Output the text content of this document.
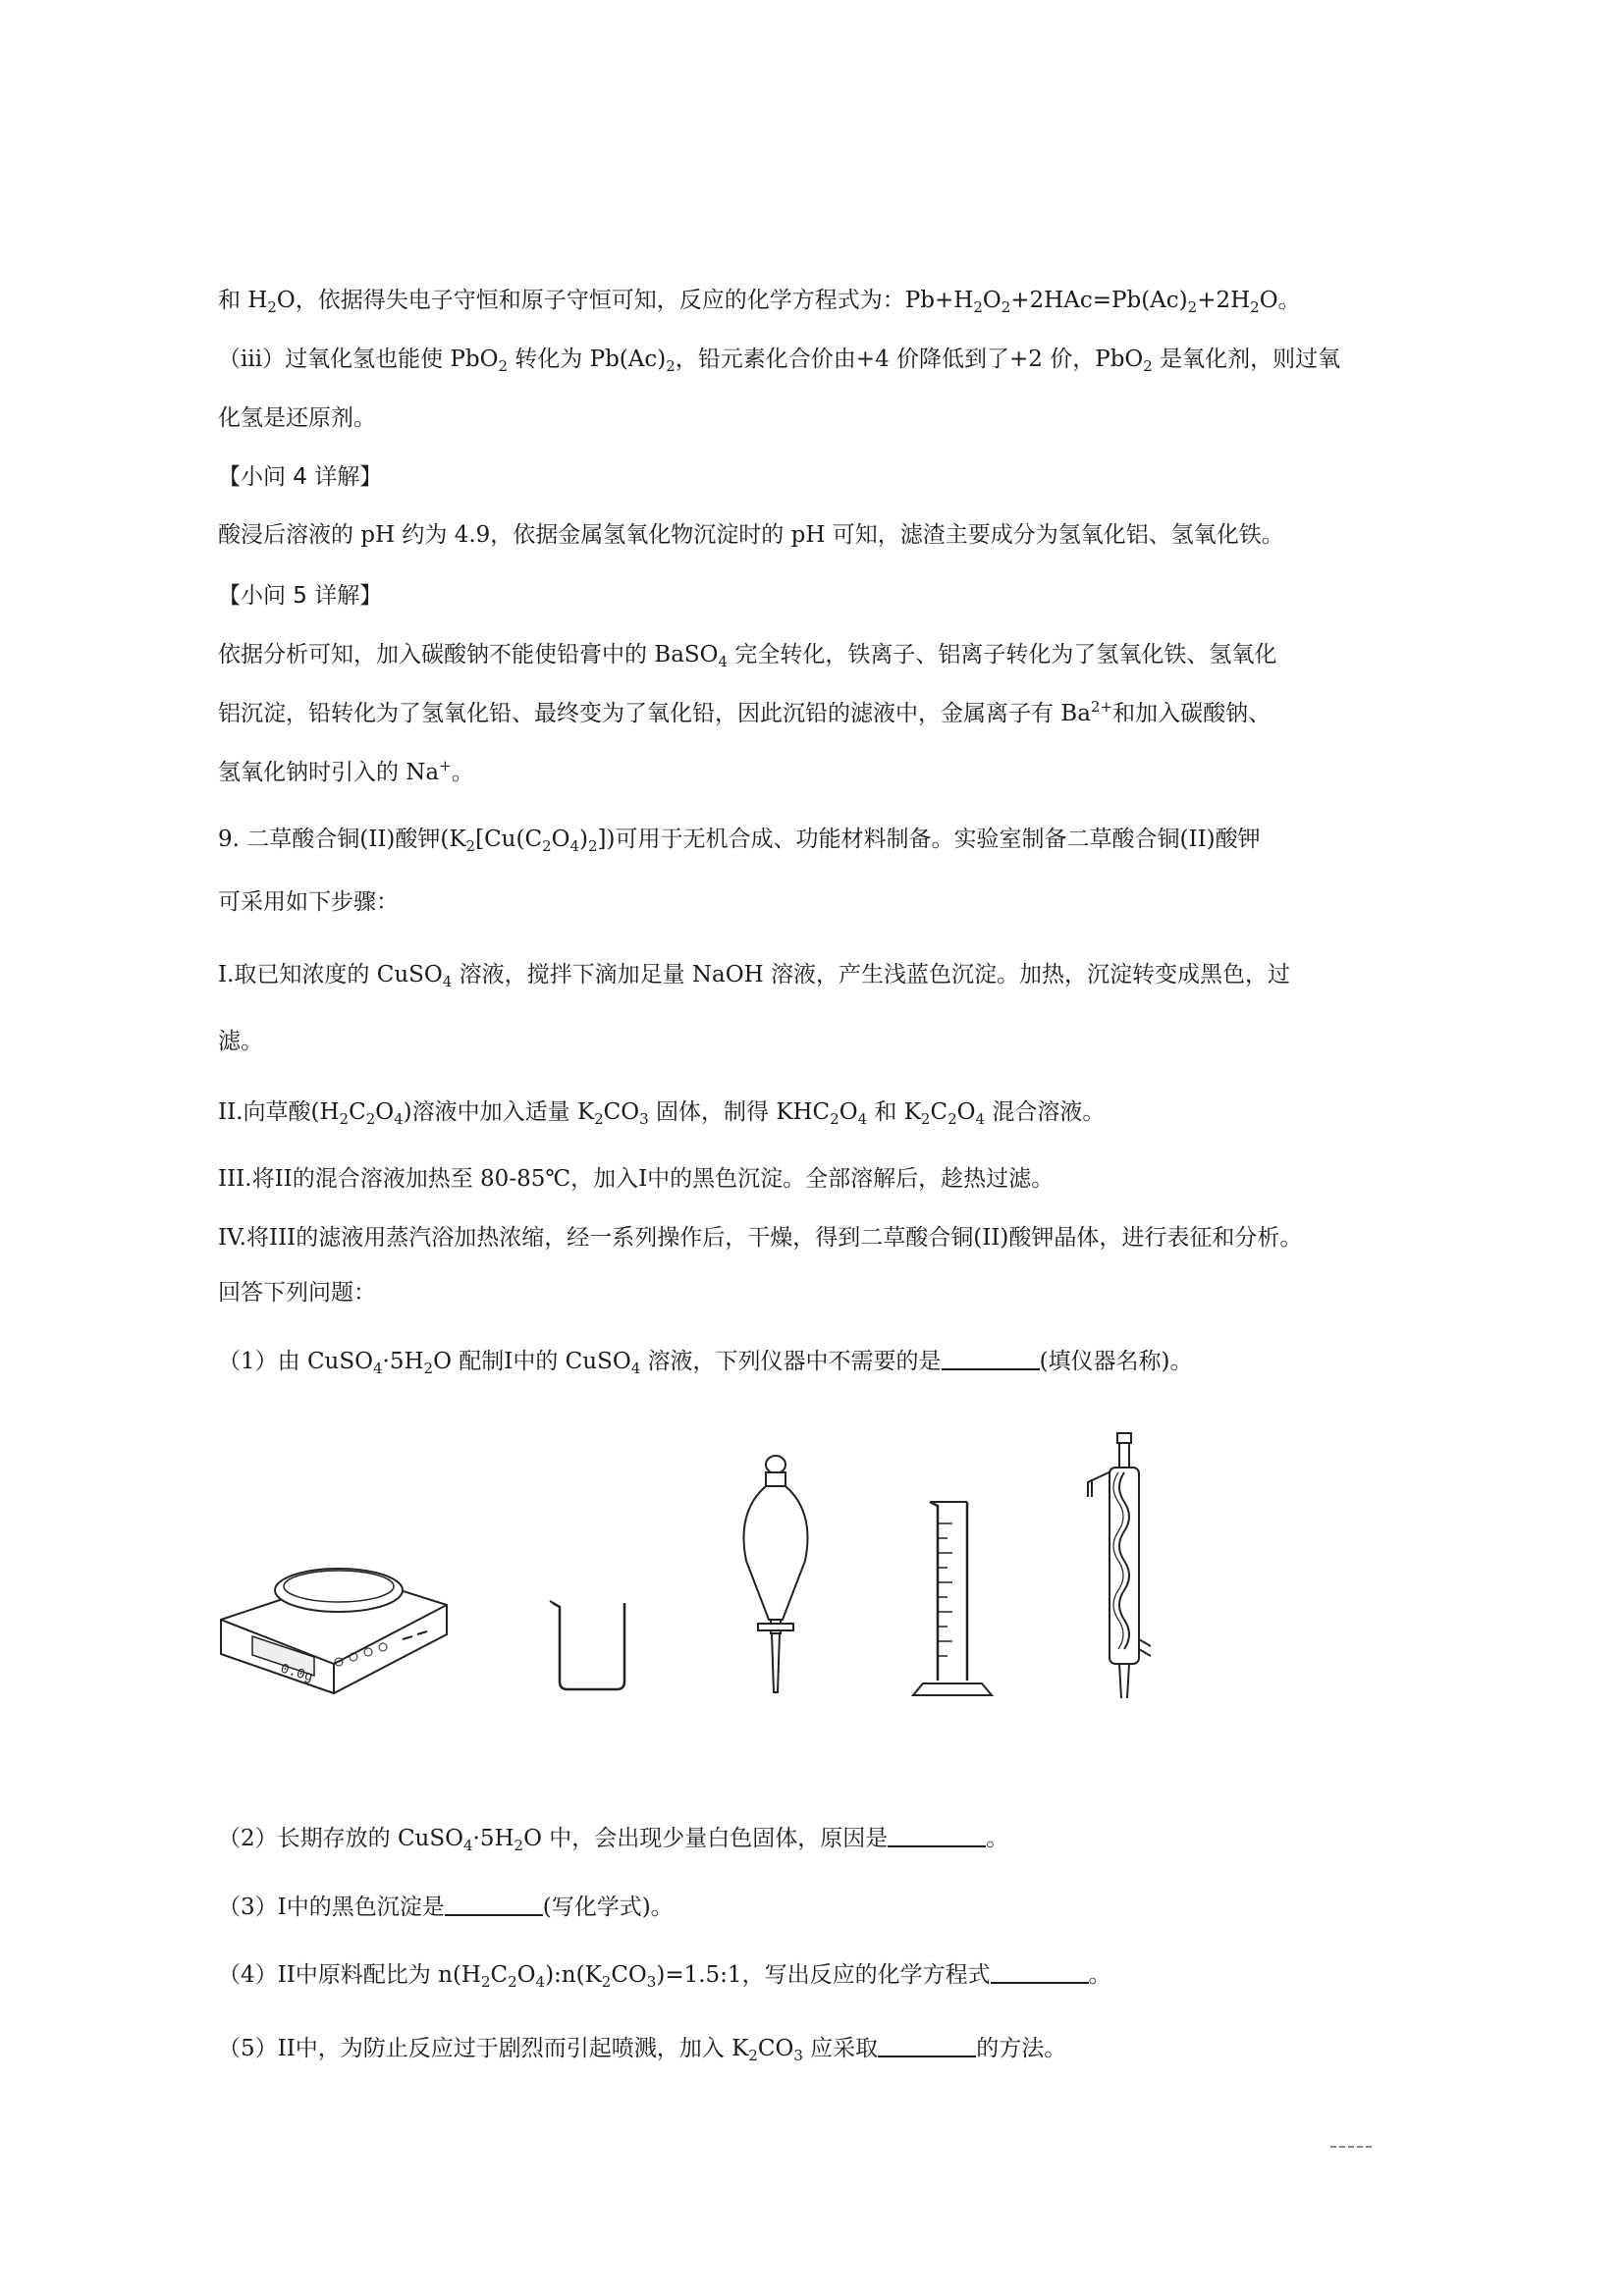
和 $H_2O$，依据得失电子守恒和原子守恒可知，反应的化学方程式为：$Pb+H_2O_2+2HAc=Pb(Ac)_2+2H_2O$。
（iii）过氧化氢也能使 PbO$_2$ 转化为 $Pb(Ac)_2$，铅元素化合价由+4 价降低到了+2 价，PbO$_2$ 是氧化剂，则过氧
化氢是还原剂。
【小问 4 详解】
酸浸后溶液的 pH 约为 4.9，依据金属氢氧化物沉淀时的 pH 可知，滤渣主要成分为氢氧化铝、氢氧化铁。
【小问 5 详解】
依据分析可知，加入碳酸钠不能使铅膏中的 BaSO$_4$ 完全转化，铁离子、铝离子转化为了氢氧化铁、氢氧化
铝沉淀，铅转化为了氢氧化铅、最终变为了氧化铅，因此沉铅的滤液中，金属离子有 $Ba^{2+}$和加入碳酸钠、
氢氧化钠时引入的 Na+。
9. 二草酸合铜(II)酸钾$(K_2[Cu(C_2O_4)_2])$可用于无机合成、功能材料制备。实验室制备二草酸合铜(II)酸钾
可采用如下步骤：
I.取已知浓度的 CuSO$_4$ 溶液，搅拌下滴加足量 NaOH 溶液，产生浅蓝色沉淀。加热，沉淀转变成黑色，过
滤。
II.向草酸$(H_2C_2O_4)$溶液中加入适量 $K_2CO_3$ 固体，制得 $KHC_2O_4$ 和 $K_2C_2O_4$ 混合溶液。
III.将II的混合溶液加热至 80-85℃，加入I中的黑色沉淀。全部溶解后，趁热过滤。
IV.将III的滤液用蒸汽浴加热浓缩，经一系列操作后，干燥，得到二草酸合铜(II)酸钾晶体，进行表征和分析。
回答下列问题：
（1）由 $CuSO_4\cdot 5H_2O$ 配制I中的 CuSO$_4$ 溶液，下列仪器中不需要的是	(填仪器名称)。
0.0g
（2）长期存放的 $CuSO_4\cdot 5H_2O$ 中，会出现少量白色固体，原因是	。
（3）I中的黑色沉淀是	(写化学式)。
（4）II中原料配比为 $n(H_2C_2O_4):n(K_2CO_3)=1.5:1$，写出反应的化学方程式	。
（5）II中，为防止反应过于剧烈而引起喷溅，加入 $K_2CO_3$ 应采取	的方法。
